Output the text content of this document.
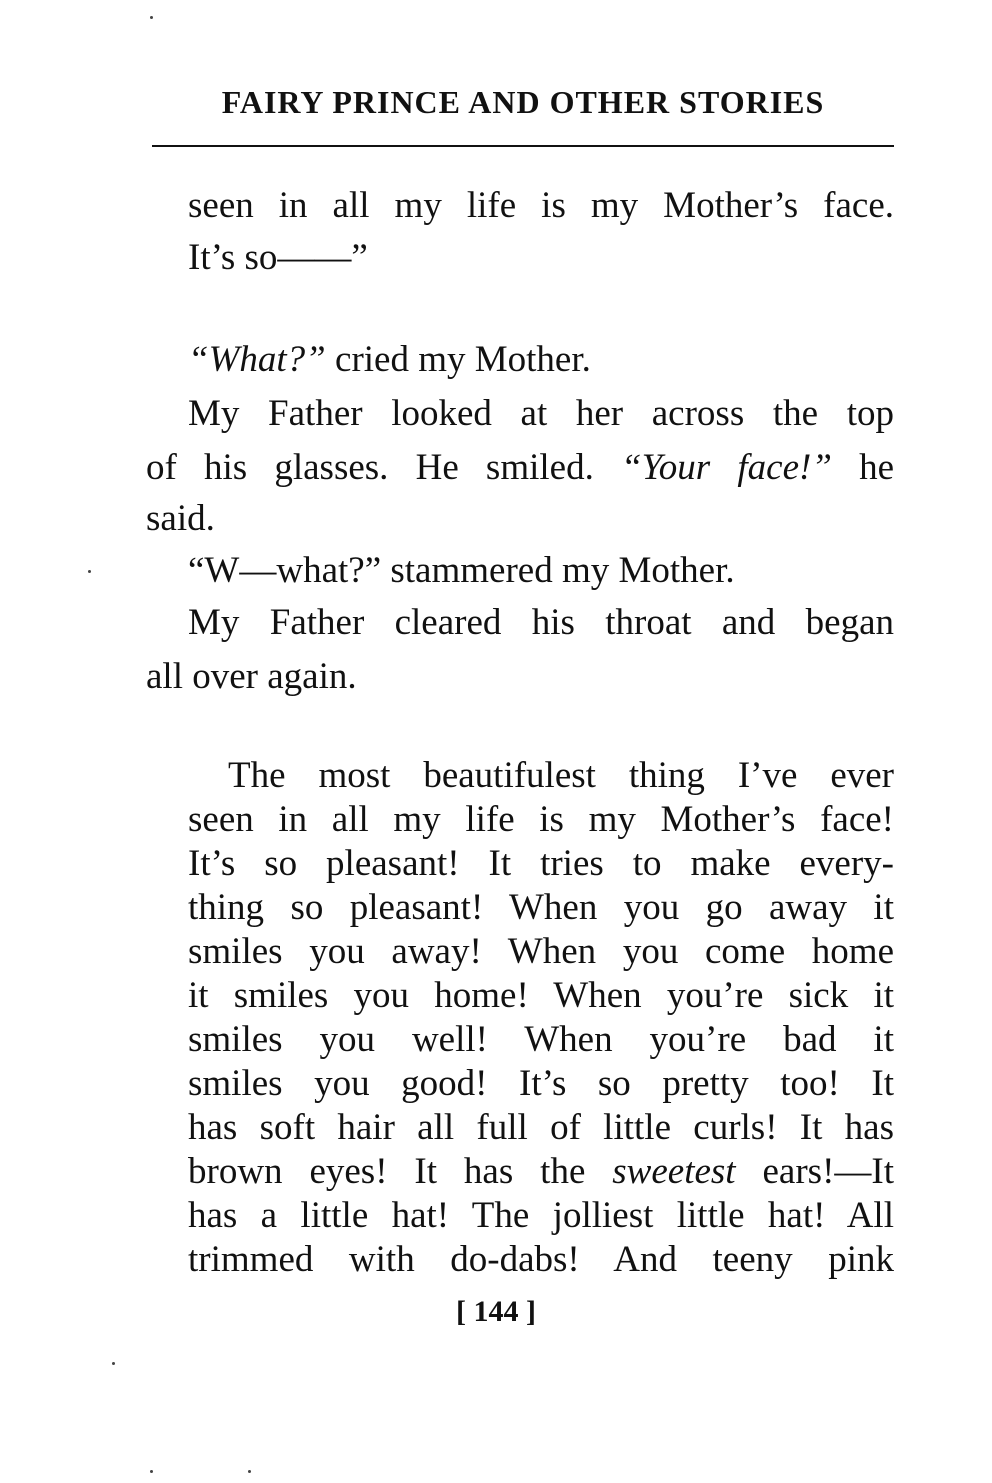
FAIRY PRINCE AND OTHER STORIES
seen in all my life is my Mother’s face.
It’s so——”
“What?” cried my Mother.
My Father looked at her across the top
of his glasses. He smiled. “Your face!” he
said.
“W—what?” stammered my Mother.
My Father cleared his throat and began
all over again.
The most beautifulest thing I’ve ever
seen in all my life is my Mother’s face!
It’s so pleasant! It tries to make every-
thing so pleasant! When you go away it
smiles you away! When you come home
it smiles you home! When you’re sick it
smiles you well! When you’re bad it
smiles you good! It’s so pretty too! It
has soft hair all full of little curls! It has
brown eyes! It has the sweetest ears!—It
has a little hat! The jolliest little hat! All
trimmed with do-dabs! And teeny pink
[ 144 ]
